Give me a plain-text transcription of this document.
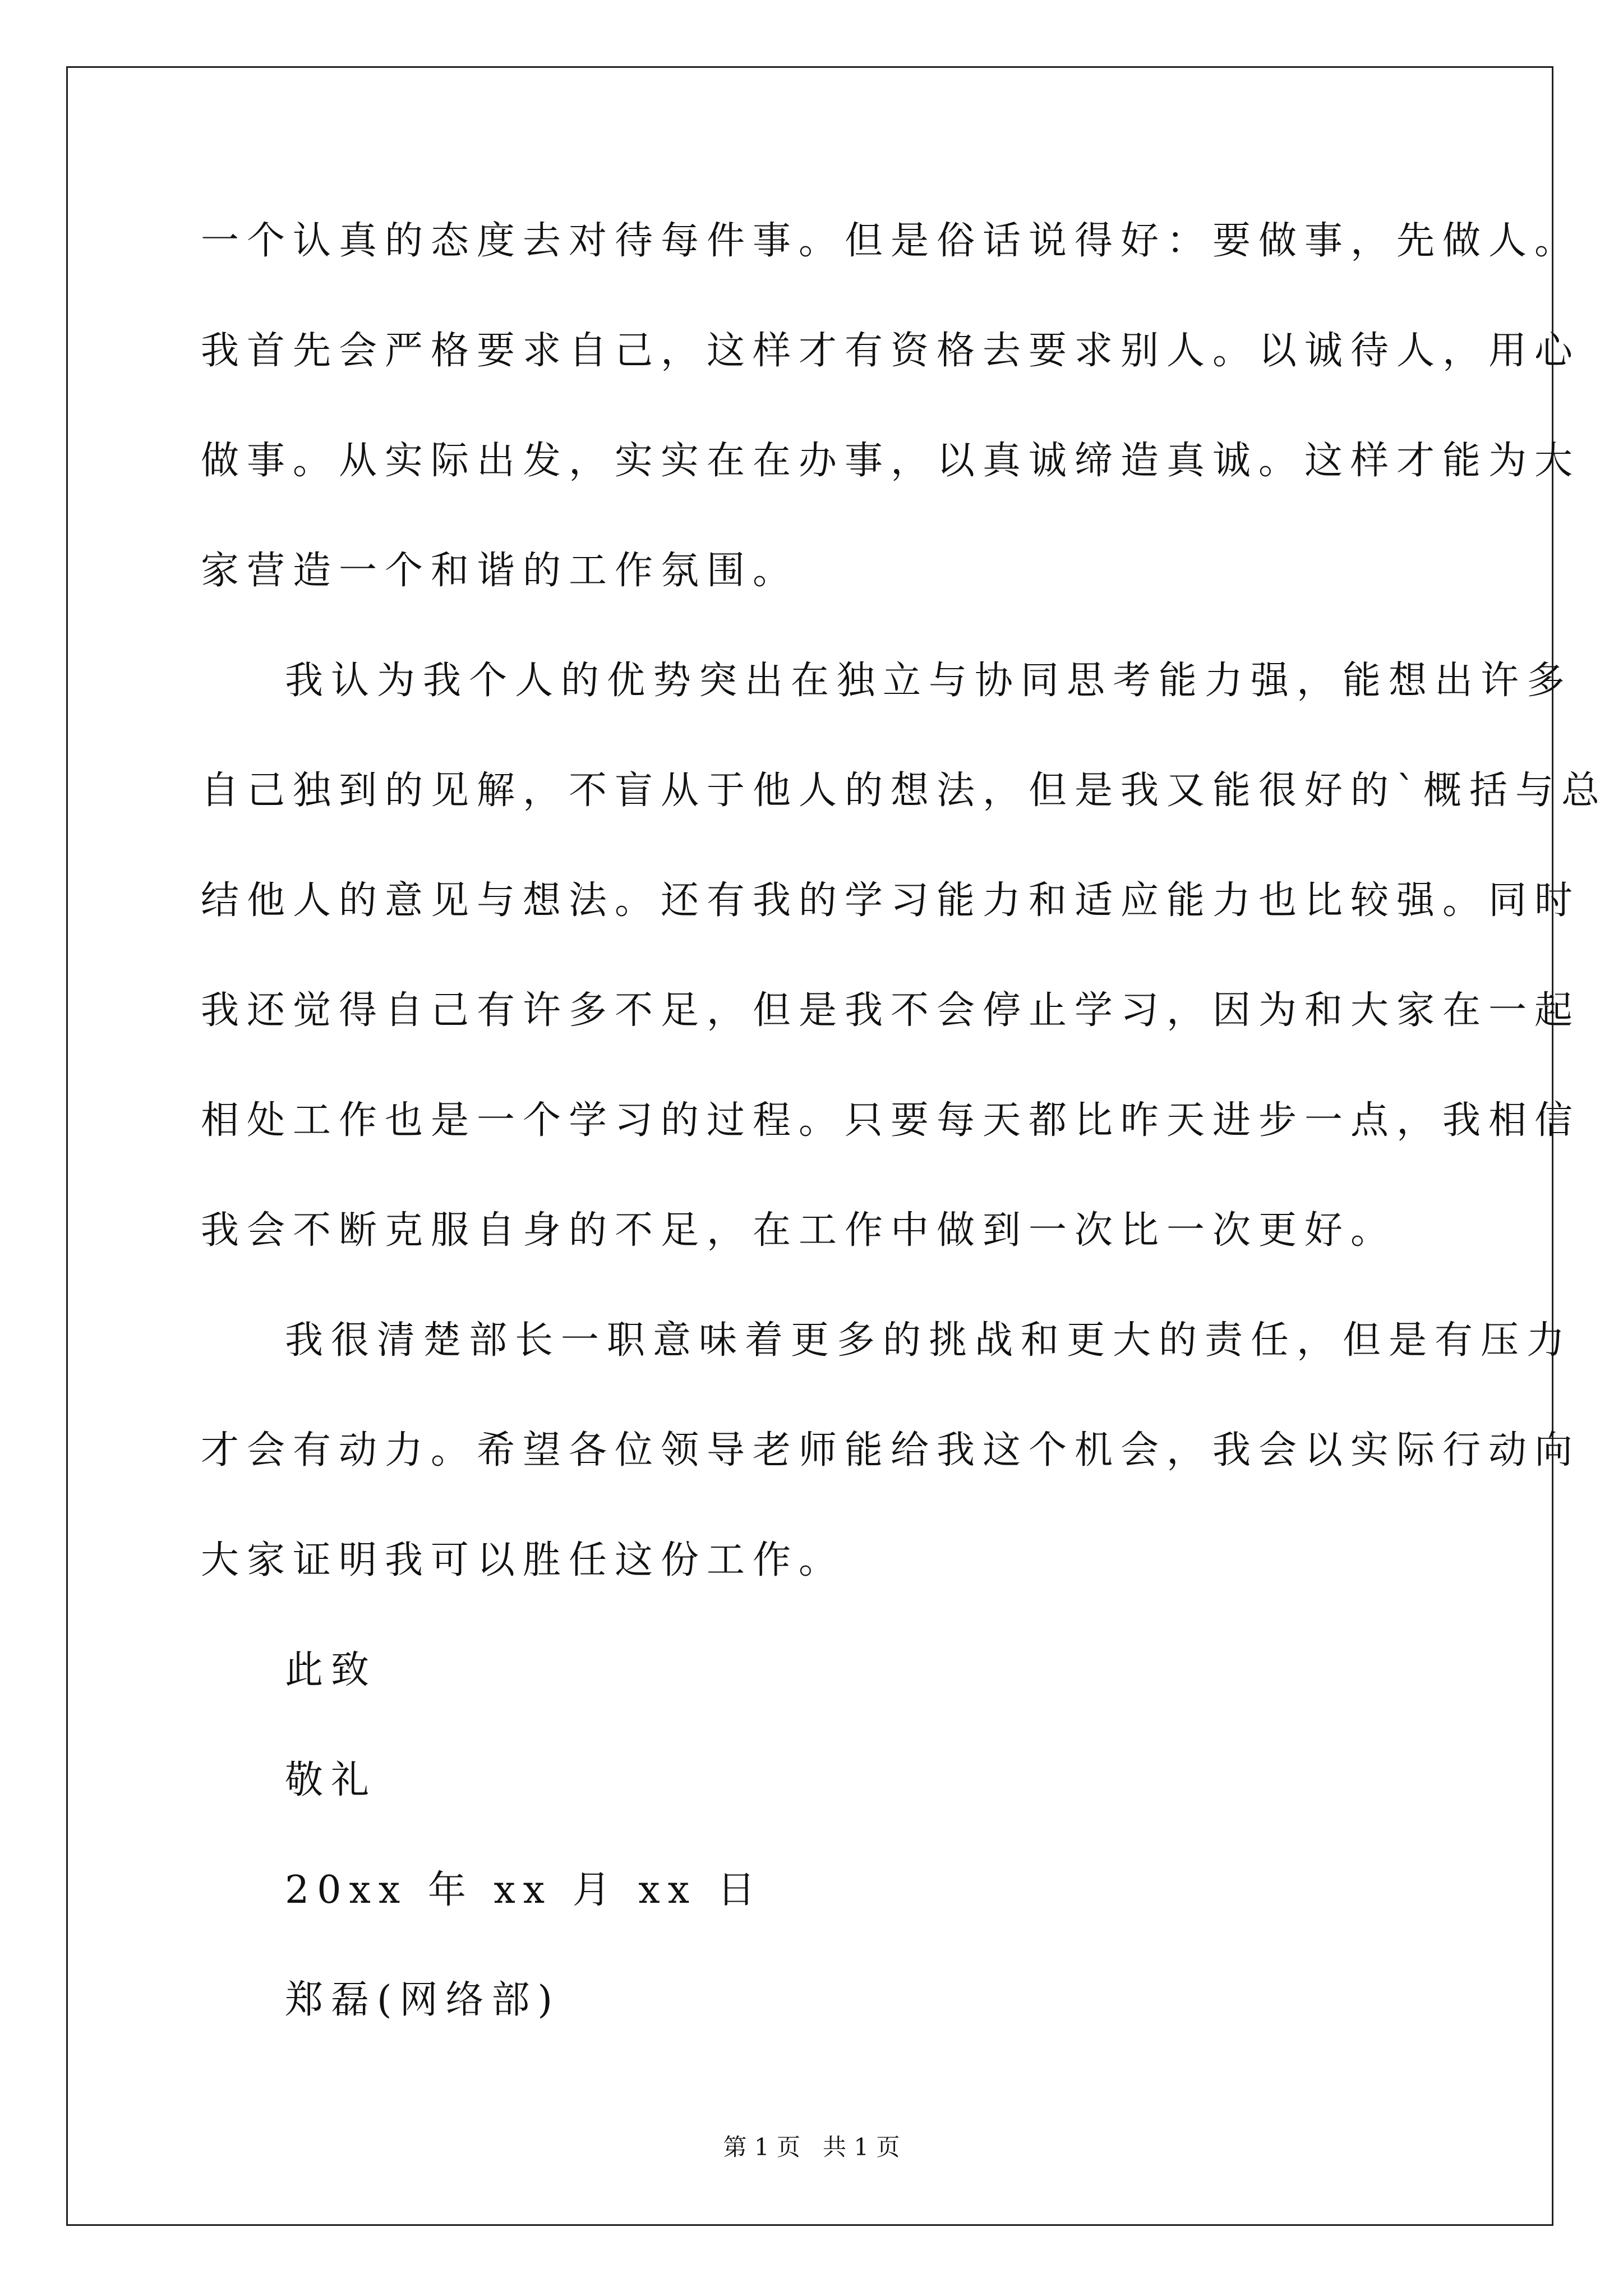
一个认真的态度去对待每件事。但是俗话说得好：要做事，先做人。
我首先会严格要求自己，这样才有资格去要求别人。以诚待人，用心
做事。从实际出发，实实在在办事，以真诚缔造真诚。这样才能为大
家营造一个和谐的工作氛围。
我认为我个人的优势突出在独立与协同思考能力强，能想出许多
自己独到的见解，不盲从于他人的想法，但是我又能很好的`概括与总
结他人的意见与想法。还有我的学习能力和适应能力也比较强。同时
我还觉得自己有许多不足，但是我不会停止学习，因为和大家在一起
相处工作也是一个学习的过程。只要每天都比昨天进步一点，我相信
我会不断克服自身的不足，在工作中做到一次比一次更好。
我很清楚部长一职意味着更多的挑战和更大的责任，但是有压力
才会有动力。希望各位领导老师能给我这个机会，我会以实际行动向
大家证明我可以胜任这份工作。
此致
敬礼
20xx 年 xx 月 xx 日
郑磊(网络部)
第 1 页   共 1 页
